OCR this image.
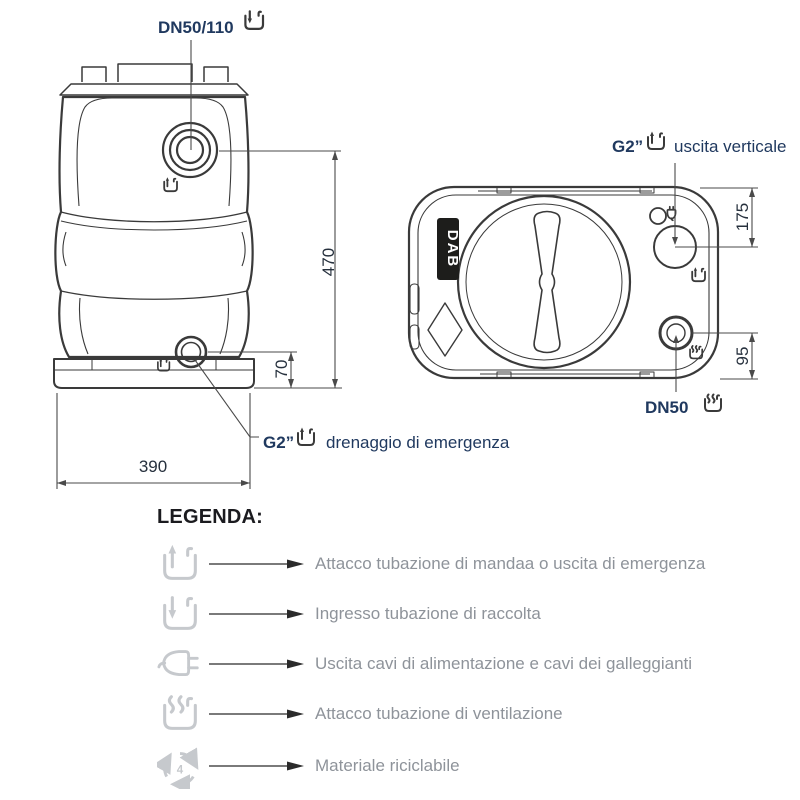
DN50/110
G2” drenaggio di emergenza
470
70
390
DAB
G2” uscita verticale
DN50
175
95
LEGENDA:
Attacco tubazione di mandaa o uscita di emergenza
Ingresso tubazione di raccolta
Uscita cavi di alimentazione e cavi dei galleggianti
Attacco tubazione di ventilazione
4	Materiale riciclabile
